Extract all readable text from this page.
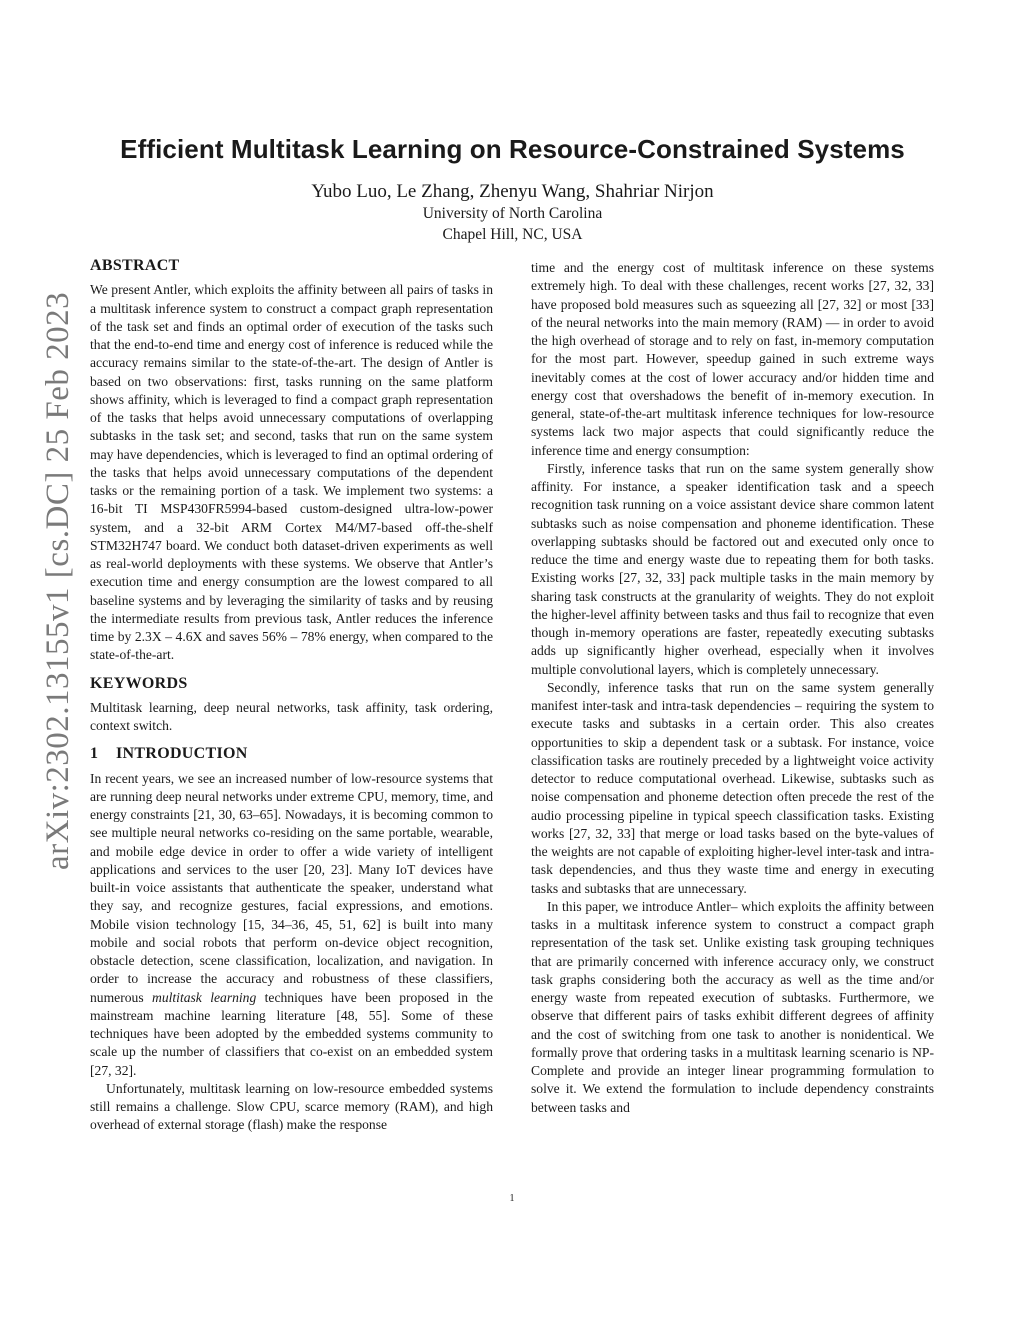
arXiv:2302.13155v1 [cs.DC] 25 Feb 2023
Efficient Multitask Learning on Resource-Constrained Systems
Yubo Luo, Le Zhang, Zhenyu Wang, Shahriar Nirjon
University of North Carolina
Chapel Hill, NC, USA
ABSTRACT

We present Antler, which exploits the affinity between all pairs of tasks in a multitask inference system to construct a compact graph representation of the task set and finds an optimal order of execution of the tasks such that the end-to-end time and energy cost of inference is reduced while the accuracy remains similar to the state-of-the-art. The design of Antler is based on two observations: first, tasks running on the same platform shows affinity, which is leveraged to find a compact graph representation of the tasks that helps avoid unnecessary computations of overlapping subtasks in the task set; and second, tasks that run on the same system may have dependencies, which is leveraged to find an optimal ordering of the tasks that helps avoid unnecessary computations of the dependent tasks or the remaining portion of a task. We implement two systems: a 16-bit TI MSP430FR5994-based custom-designed ultra-low-power system, and a 32-bit ARM Cortex M4/M7-based off-the-shelf STM32H747 board. We conduct both dataset-driven experiments as well as real-world deployments with these systems. We observe that Antler’s execution time and energy consumption are the lowest compared to all baseline systems and by leveraging the similarity of tasks and by reusing the intermediate results from previous task, Antler reduces the inference time by 2.3X – 4.6X and saves 56% – 78% energy, when compared to the state-of-the-art.

KEYWORDS

Multitask learning, deep neural networks, task affinity, task ordering, context switch.

1 INTRODUCTION

In recent years, we see an increased number of low-resource systems that are running deep neural networks under extreme CPU, memory, time, and energy constraints [21, 30, 63–65]. Nowadays, it is becoming common to see multiple neural networks co-residing on the same portable, wearable, and mobile edge device in order to offer a wide variety of intelligent applications and services to the user [20, 23]. Many IoT devices have built-in voice assistants that authenticate the speaker, understand what they say, and recognize gestures, facial expressions, and emotions. Mobile vision technology [15, 34–36, 45, 51, 62] is built into many mobile and social robots that perform on-device object recognition, obstacle detection, scene classification, localization, and navigation. In order to increase the accuracy and robustness of these classifiers, numerous multitask learning techniques have been proposed in the mainstream machine learning literature [48, 55]. Some of these techniques have been adopted by the embedded systems community to scale up the number of classifiers that co-exist on an embedded system [27, 32].

Unfortunately, multitask learning on low-resource embedded systems still remains a challenge. Slow CPU, scarce memory (RAM), and high overhead of external storage (flash) make the response

time and the energy cost of multitask inference on these systems extremely high. To deal with these challenges, recent works [27, 32, 33] have proposed bold measures such as squeezing all [27, 32] or most [33] of the neural networks into the main memory (RAM) — in order to avoid the high overhead of storage and to rely on fast, in-memory computation for the most part. However, speedup gained in such extreme ways inevitably comes at the cost of lower accuracy and/or hidden time and energy cost that overshadows the benefit of in-memory execution. In general, state-of-the-art multitask inference techniques for low-resource systems lack two major aspects that could significantly reduce the inference time and energy consumption:

Firstly, inference tasks that run on the same system generally show affinity. For instance, a speaker identification task and a speech recognition task running on a voice assistant device share common latent subtasks such as noise compensation and phoneme identification. These overlapping subtasks should be factored out and executed only once to reduce the time and energy waste due to repeating them for both tasks. Existing works [27, 32, 33] pack multiple tasks in the main memory by sharing task constructs at the granularity of weights. They do not exploit the higher-level affinity between tasks and thus fail to recognize that even though in-memory operations are faster, repeatedly executing subtasks adds up significantly higher overhead, especially when it involves multiple convolutional layers, which is completely unnecessary.

Secondly, inference tasks that run on the same system generally manifest inter-task and intra-task dependencies – requiring the system to execute tasks and subtasks in a certain order. This also creates opportunities to skip a dependent task or a subtask. For instance, voice classification tasks are routinely preceded by a lightweight voice activity detector to reduce computational overhead. Likewise, subtasks such as noise compensation and phoneme detection often precede the rest of the audio processing pipeline in typical speech classification tasks. Existing works [27, 32, 33] that merge or load tasks based on the byte-values of the weights are not capable of exploiting higher-level inter-task and intra-task dependencies, and thus they waste time and energy in executing tasks and subtasks that are unnecessary.

In this paper, we introduce Antler– which exploits the affinity between tasks in a multitask inference system to construct a compact graph representation of the task set. Unlike existing task grouping techniques that are primarily concerned with inference accuracy only, we construct task graphs considering both the accuracy as well as the time and/or energy waste from repeated execution of subtasks. Furthermore, we observe that different pairs of tasks exhibit different degrees of affinity and the cost of switching from one task to another is nonidentical. We formally prove that ordering tasks in a multitask learning scenario is NP-Complete and provide an integer linear programming formulation to solve it. We extend the formulation to include dependency constraints between tasks and

1
